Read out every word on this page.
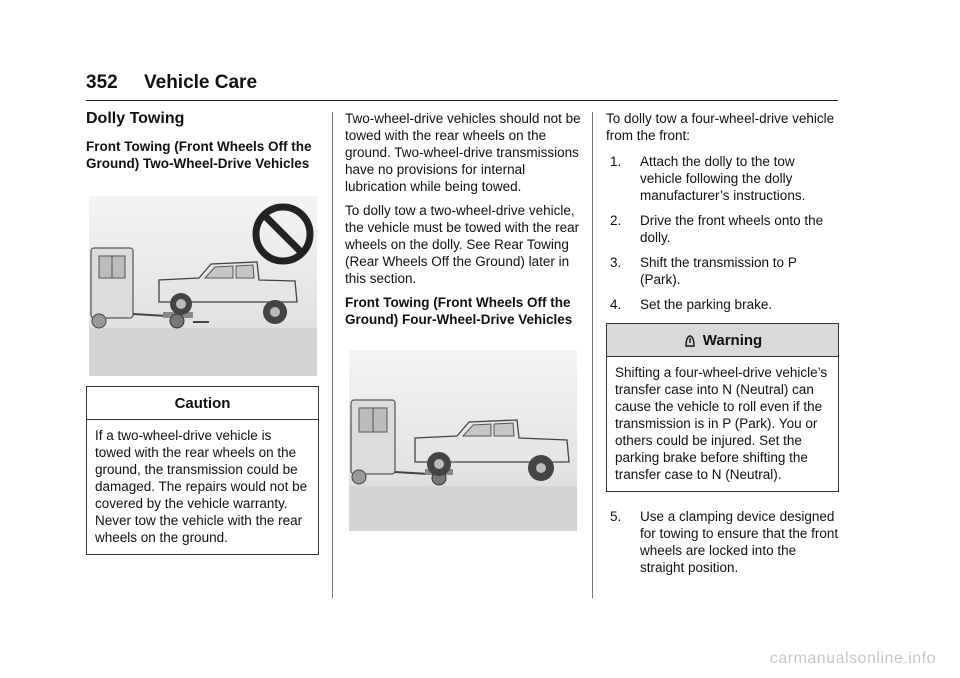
352 Vehicle Care
Dolly Towing
Front Towing (Front Wheels Off the Ground) Two-Wheel-Drive Vehicles
Caution
If a two-wheel-drive vehicle is towed with the rear wheels on the ground, the transmission could be damaged. The repairs would not be covered by the vehicle warranty. Never tow the vehicle with the rear wheels on the ground.

Two-wheel-drive vehicles should not be towed with the rear wheels on the ground. Two-wheel-drive transmissions have no provisions for internal lubrication while being towed.

To dolly tow a two-wheel-drive vehicle, the vehicle must be towed with the rear wheels on the dolly. See Rear Towing (Rear Wheels Off the Ground) later in this section.

Front Towing (Front Wheels Off the Ground) Four-Wheel-Drive Vehicles

To dolly tow a four-wheel-drive vehicle from the front:

1.	Attach the dolly to the tow vehicle following the dolly manufacturer’s instructions.
2.	Drive the front wheels onto the dolly.
3.	Shift the transmission to P (Park).
4.	Set the parking brake.
Warning
Shifting a four-wheel-drive vehicle’s transfer case into N (Neutral) can cause the vehicle to roll even if the transmission is in P (Park). You or others could be injured. Set the parking brake before shifting the transfer case to N (Neutral).
5.	Use a clamping device designed for towing to ensure that the front wheels are locked into the straight position.
carmanualsonline.info
